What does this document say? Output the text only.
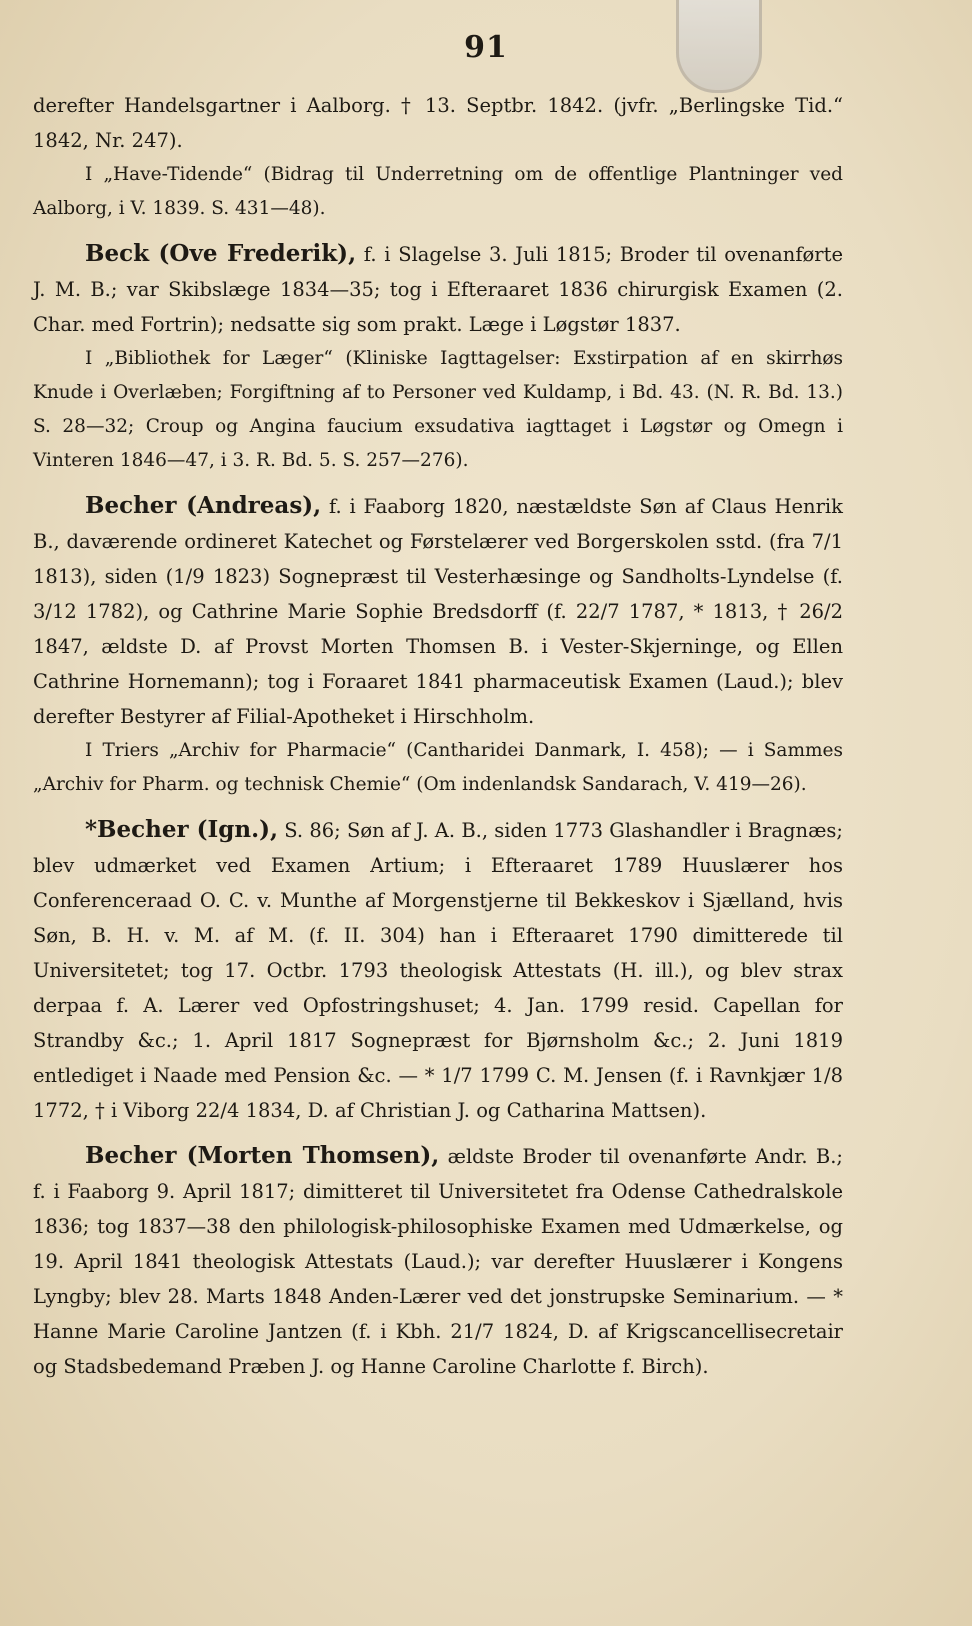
91

derefter Handelsgartner i Aalborg. † 13. Septbr. 1842. (jvfr. „Berlingske Tid.“ 1842, Nr. 247).

I „Have-Tidende“ (Bidrag til Underretning om de offentlige Plantninger ved Aalborg, i V. 1839. S. 431—48).

Beck (Ove Frederik), f. i Slagelse 3. Juli 1815; Broder til ovenanførte J. M. B.; var Skibslæge 1834—35; tog i Efteraaret 1836 chirurgisk Examen (2. Char. med Fortrin); nedsatte sig som prakt. Læge i Løgstør 1837.

I „Bibliothek for Læger“ (Kliniske Iagttagelser: Exstirpation af en skirrhøs Knude i Overlæben; Forgiftning af to Personer ved Kuldamp, i Bd. 43. (N. R. Bd. 13.) S. 28—32; Croup og Angina faucium exsudativa iagttaget i Løgstør og Omegn i Vinteren 1846—47, i 3. R. Bd. 5. S. 257—276).

Becher (Andreas), f. i Faaborg 1820, næstældste Søn af Claus Henrik B., daværende ordineret Katechet og Førstelærer ved Borgerskolen sstd. (fra 7/1 1813), siden (1/9 1823) Sognepræst til Vesterhæsinge og Sandholts-Lyndelse (f. 3/12 1782), og Cathrine Marie Sophie Bredsdorff (f. 22/7 1787, * 1813, † 26/2 1847, ældste D. af Provst Morten Thomsen B. i Vester-Skjerninge, og Ellen Cathrine Hornemann); tog i Foraaret 1841 pharmaceutisk Examen (Laud.); blev derefter Bestyrer af Filial-Apotheket i Hirschholm.

I Triers „Archiv for Pharmacie“ (Cantharidei Danmark, I. 458); — i Sammes „Archiv for Pharm. og technisk Chemie“ (Om indenlandsk Sandarach, V. 419—26).

*Becher (Ign.), S. 86; Søn af J. A. B., siden 1773 Glashandler i Bragnæs; blev udmærket ved Examen Artium; i Efteraaret 1789 Huuslærer hos Conferenceraad O. C. v. Munthe af Morgenstjerne til Bekkeskov i Sjælland, hvis Søn, B. H. v. M. af M. (f. II. 304) han i Efteraaret 1790 dimitterede til Universitetet; tog 17. Octbr. 1793 theologisk Attestats (H. ill.), og blev strax derpaa f. A. Lærer ved Opfostringshuset; 4. Jan. 1799 resid. Capellan for Strandby &c.; 1. April 1817 Sognepræst for Bjørnsholm &c.; 2. Juni 1819 entlediget i Naade med Pension &c. — * 1/7 1799 C. M. Jensen (f. i Ravnkjær 1/8 1772, † i Viborg 22/4 1834, D. af Christian J. og Catharina Mattsen).

Becher (Morten Thomsen), ældste Broder til ovenanførte Andr. B.; f. i Faaborg 9. April 1817; dimitteret til Universitetet fra Odense Cathedralskole 1836; tog 1837—38 den philologisk-philosophiske Examen med Udmærkelse, og 19. April 1841 theologisk Attestats (Laud.); var derefter Huuslærer i Kongens Lyngby; blev 28. Marts 1848 Anden-Lærer ved det jonstrupske Seminarium. — * Hanne Marie Caroline Jantzen (f. i Kbh. 21/7 1824, D. af Krigscancellisecretair og Stadsbedemand Præben J. og Hanne Caroline Charlotte f. Birch).
